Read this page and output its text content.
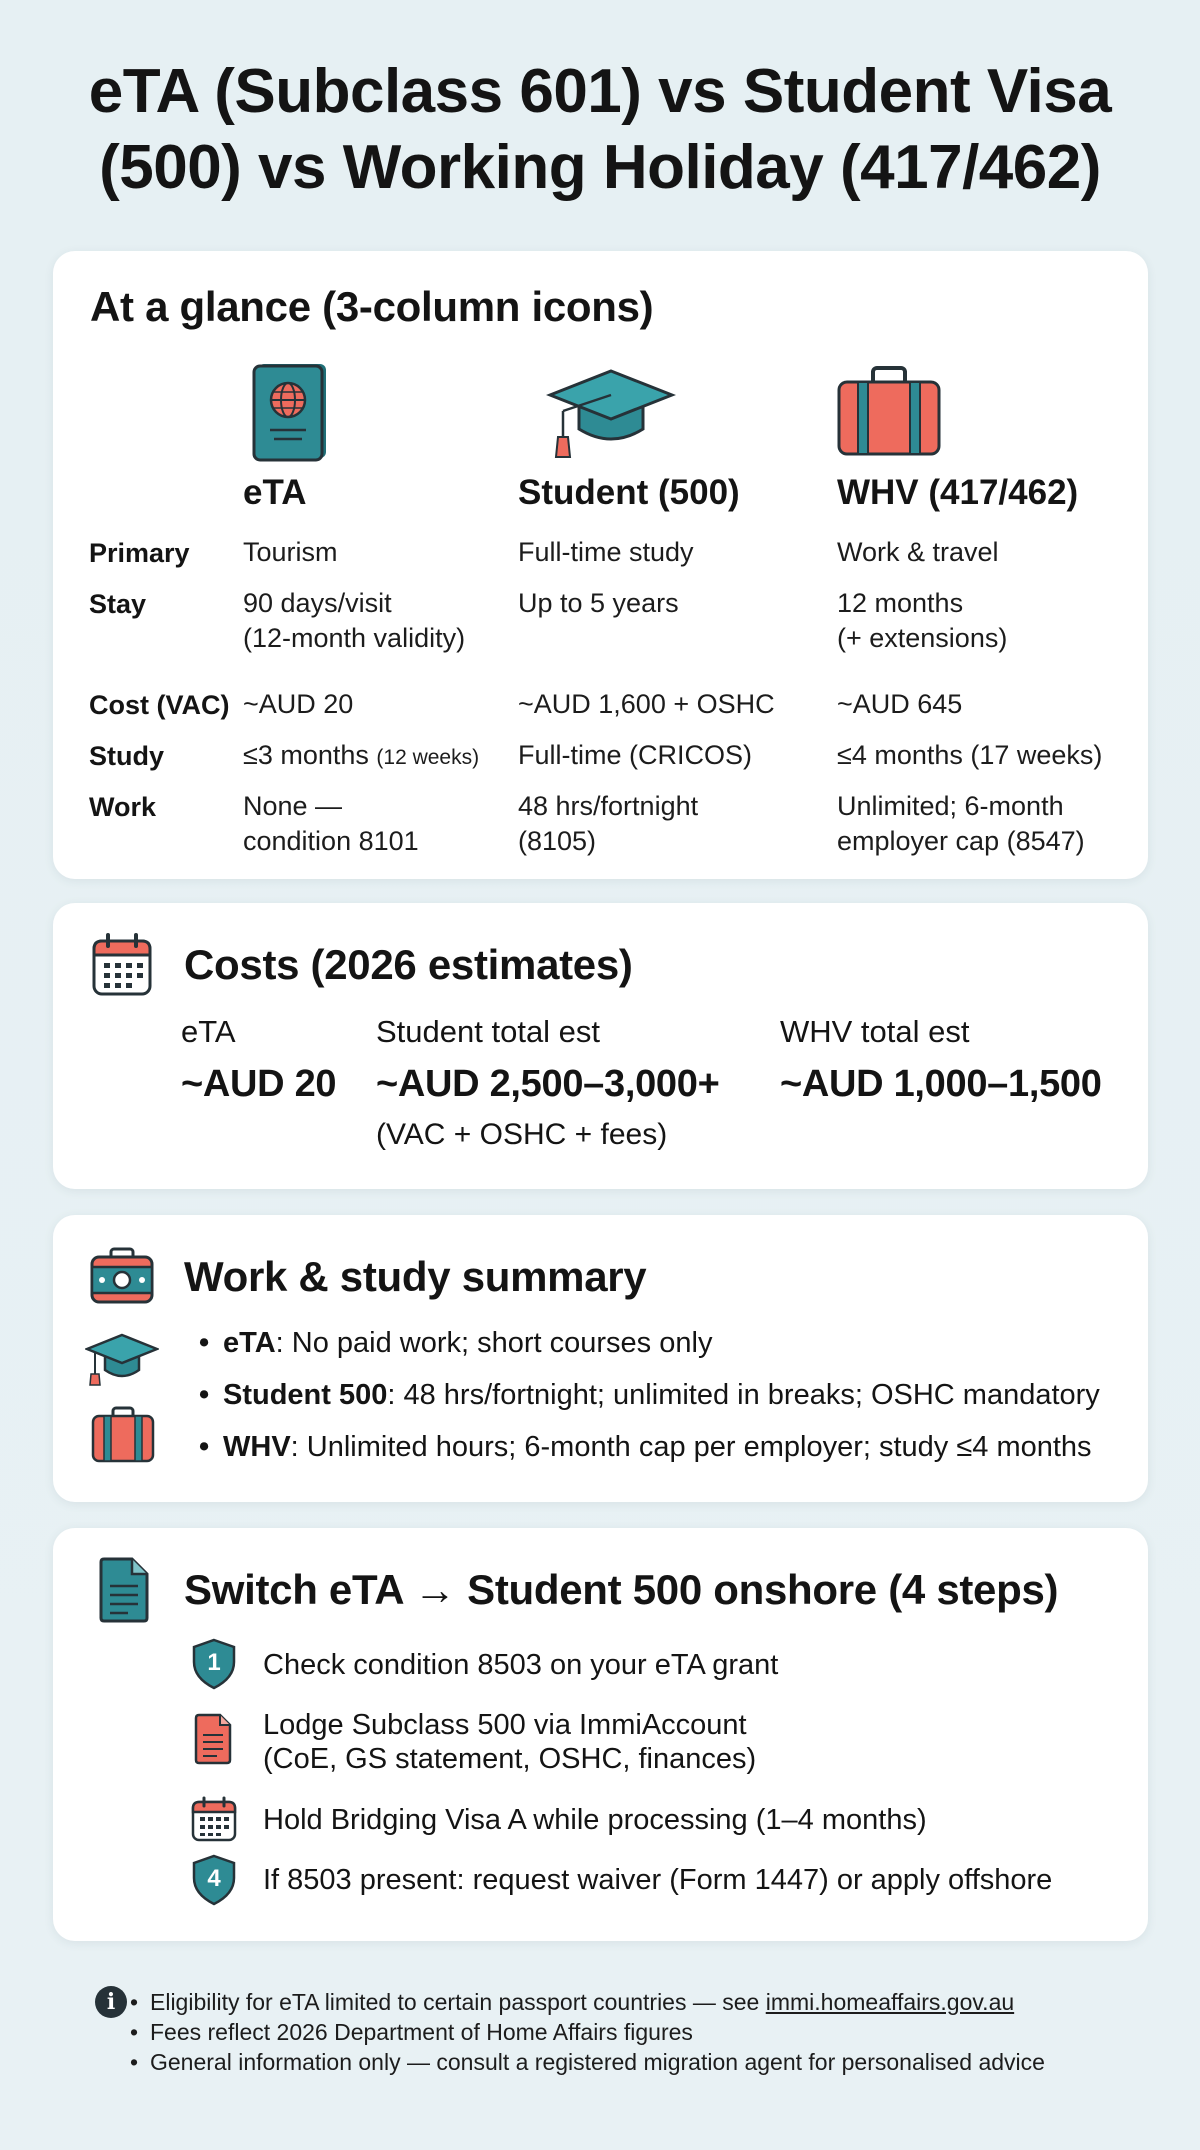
eTA (Subclass 601) vs Student Visa
(500) vs Working Holiday (417/462)
At a glance (3-column icons)
eTA	Student (500)	WHV (417/462)
Primary Tourism	Full-time study	Work & travel
Stay	90 days/visit
(12-month validity)
Up to 5 years	12 months
(+ extensions)
Cost (VAC) ~AUD 20	~AUD 1,600 + OSHC ~AUD 645
Study	≤3 months (12 weeks) Full-time (CRICOS)	≤4 months (17 weeks)
Work	None —
condition 8101
48 hrs/fortnight
(8105)
Unlimited; 6-month
employer cap (8547)
Costs (2026 estimates)
eTA
~AUD 20
Student total est
~AUD 2,500–3,000+
(VAC + OSHC + fees)
WHV total est
~AUD 1,000–1,500
Work & study summary
• eTA: No paid work; short courses only
• Student 500: 48 hrs/fortnight; unlimited in breaks; OSHC mandatory
• WHV: Unlimited hours; 6-month cap per employer; study ≤4 months
Switch eTA → Student 500 onshore (4 steps)
1	Check condition 8503 on your eTA grant
Lodge Subclass 500 via ImmiAccount
(CoE, GS statement, OSHC, finances)
Hold Bridging Visa A while processing (1–4 months)
4	If 8503 present: request waiver (Form 1447) or apply offshore
i
•	Eligibility for eTA limited to certain passport countries — see immi.homeaffairs.gov.au
• Fees reflect 2026 Department of Home Affairs figures
• General information only — consult a registered migration agent for personalised advice
